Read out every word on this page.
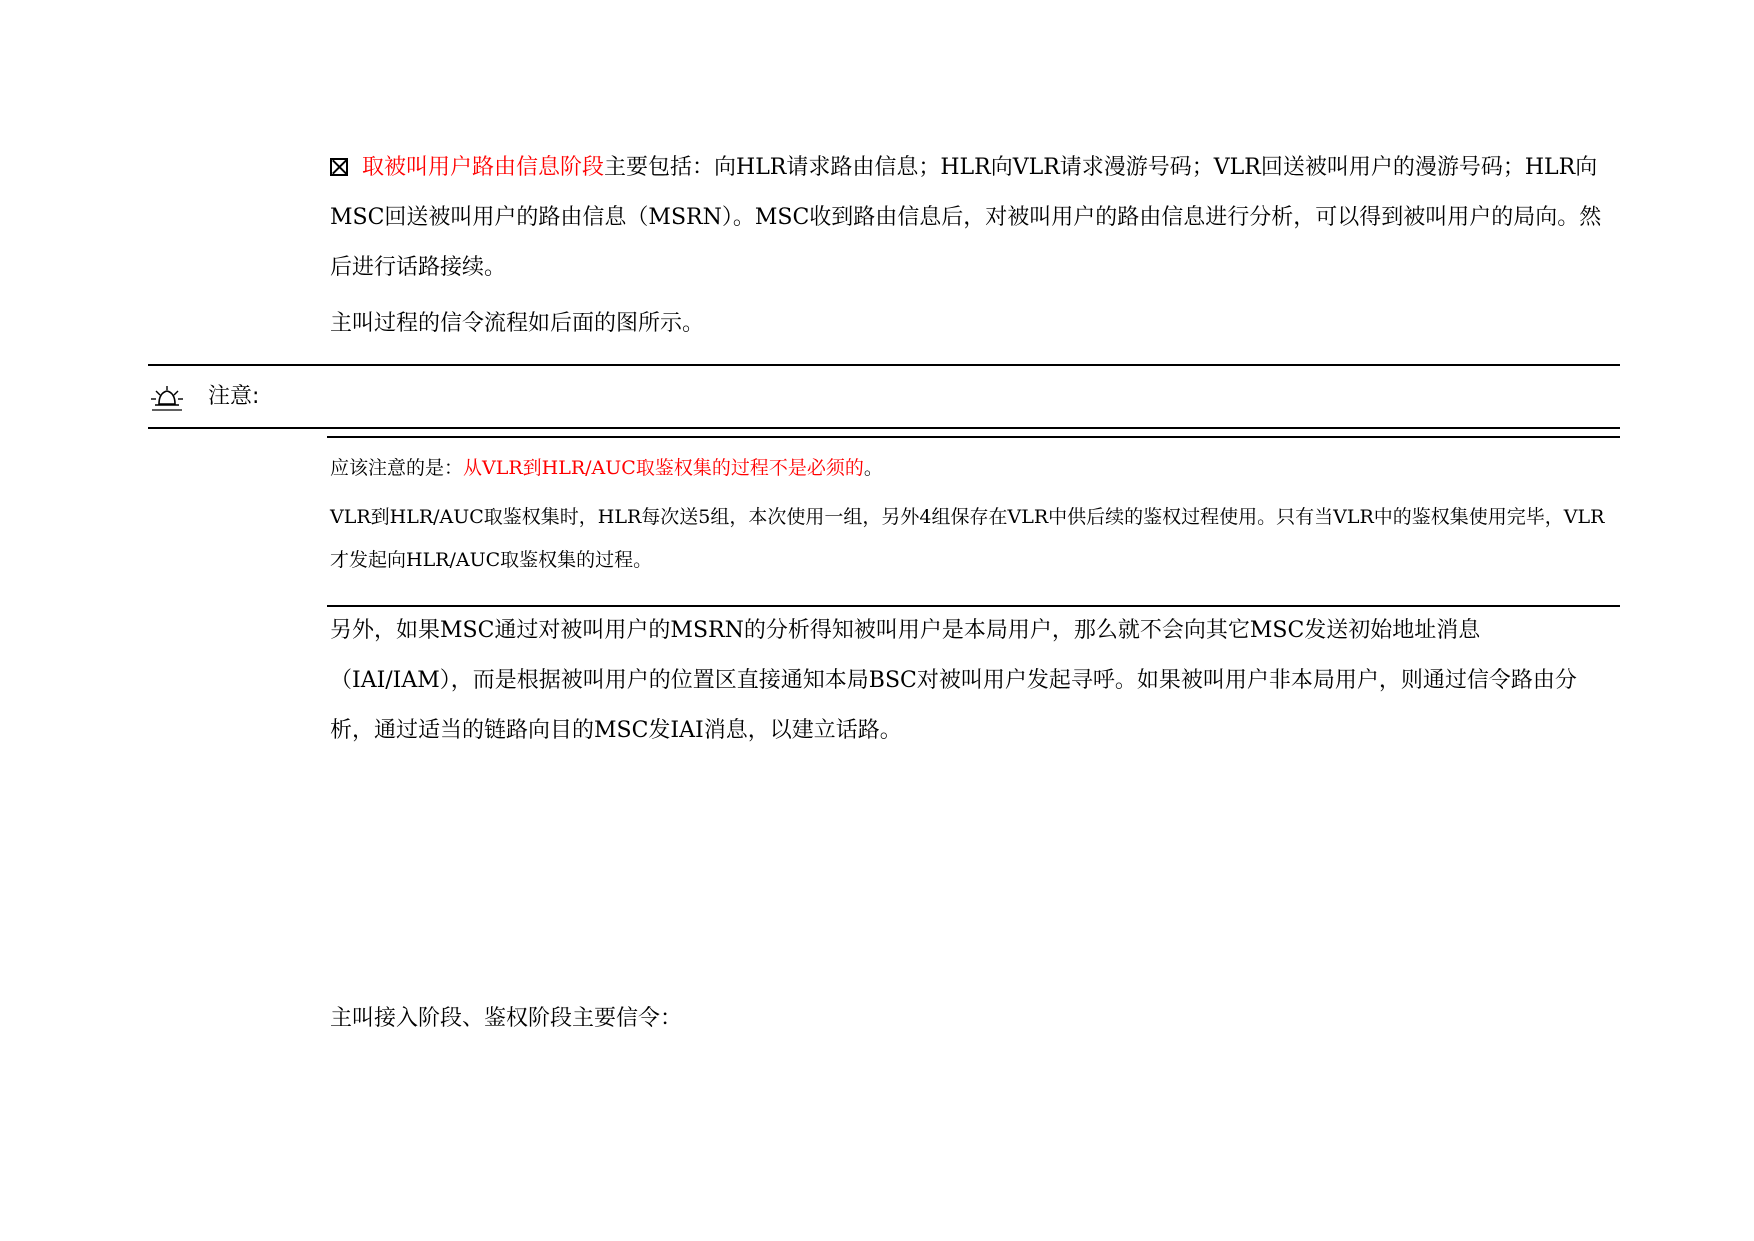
取被叫用户路由信息阶段主要包括：向HLR请求路由信息；HLR向VLR请求漫游号码；VLR回送被叫用户的漫游号码；HLR向MSC回送被叫用户的路由信息（MSRN）。MSC收到路由信息后，对被叫用户的路由信息进行分析，可以得到被叫用户的局向。然后进行话路接续。

主叫过程的信令流程如后面的图所示。

注意:

应该注意的是：从VLR到HLR/AUC取鉴权集的过程不是必须的。

VLR到HLR/AUC取鉴权集时，HLR每次送5组，本次使用一组，另外4组保存在VLR中供后续的鉴权过程使用。只有当VLR中的鉴权集使用完毕，VLR才发起向HLR/AUC取鉴权集的过程。

另外，如果MSC通过对被叫用户的MSRN的分析得知被叫用户是本局用户，那么就不会向其它MSC发送初始地址消息（IAI/IAM），而是根据被叫用户的位置区直接通知本局BSC对被叫用户发起寻呼。如果被叫用户非本局用户，则通过信令路由分析，通过适当的链路向目的MSC发IAI消息，以建立话路。

主叫接入阶段、鉴权阶段主要信令：
